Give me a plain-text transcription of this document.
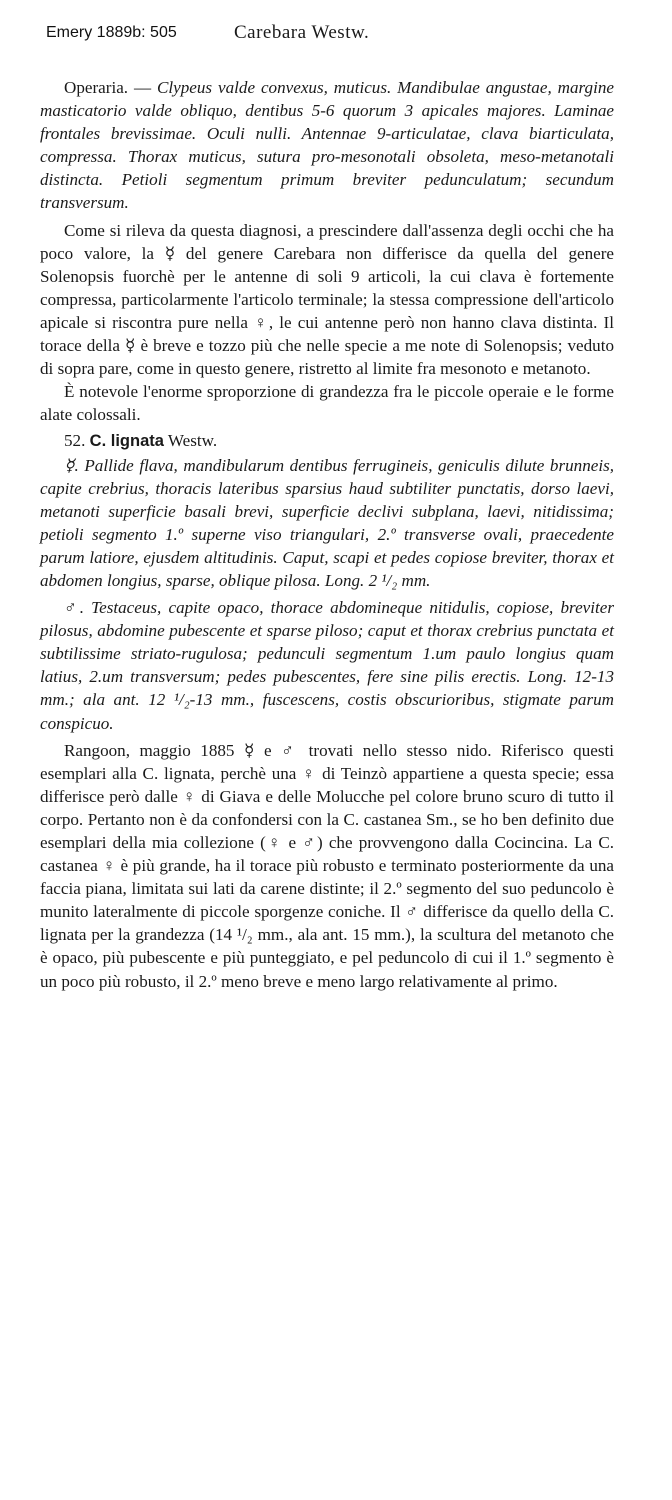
Emery 1889b: 505	Carebara Westw.

Operaria. — Clypeus valde convexus, muticus. Mandibulae angustae, margine masticatorio valde obliquo, dentibus 5-6 quorum 3 apicales majores. Laminae frontales brevissimae. Oculi nulli. Antennae 9-articulatae, clava biarticulata, compressa. Thorax muticus, sutura pro-mesonotali obsoleta, meso-metanotali distincta. Petioli segmentum primum breviter pedunculatum; secundum transversum.

Come si rileva da questa diagnosi, a prescindere dall'assenza degli occhi che ha poco valore, la ☿ del genere Carebara non differisce da quella del genere Solenopsis fuorchè per le antenne di soli 9 articoli, la cui clava è fortemente compressa, particolarmente l'articolo terminale; la stessa compressione dell'articolo apicale si riscontra pure nella ♀, le cui antenne però non hanno clava distinta. Il torace della ☿ è breve e tozzo più che nelle specie a me note di Solenopsis; veduto di sopra pare, come in questo genere, ristretto al limite fra mesonoto e metanoto.

È notevole l'enorme sproporzione di grandezza fra le piccole operaie e le forme alate colossali.

52. C. lignata Westw.

☿. Pallide flava, mandibularum dentibus ferrugineis, geniculis dilute brunneis, capite crebrius, thoracis lateribus sparsius haud subtiliter punctatis, dorso laevi, metanoti superficie basali brevi, superficie declivi subplana, laevi, nitidissima; petioli segmento 1.º superne viso triangulari, 2.º transverse ovali, praecedente parum latiore, ejusdem altitudinis. Caput, scapi et pedes copiose breviter, thorax et abdomen longius, sparse, oblique pilosa. Long. 2 ¹/₂ mm.

♂. Testaceus, capite opaco, thorace abdomineque nitidulis, copiose, breviter pilosus, abdomine pubescente et sparse piloso; caput et thorax crebrius punctata et subtilissime striato-rugulosa; pedunculi segmentum 1.um paulo longius quam latius, 2.um transversum; pedes pubescentes, fere sine pilis erectis. Long. 12-13 mm.; ala ant. 12 ¹/₂-13 mm., fuscescens, costis obscurioribus, stigmate parum conspicuo.

Rangoon, maggio 1885 ☿ e ♂ trovati nello stesso nido. Riferisco questi esemplari alla C. lignata, perchè una ♀ di Teinzò appartiene a questa specie; essa differisce però dalle ♀ di Giava e delle Molucche pel colore bruno scuro di tutto il corpo. Pertanto non è da confondersi con la C. castanea Sm., se ho ben definito due esemplari della mia collezione (♀ e ♂) che provvengono dalla Cocincina. La C. castanea ♀ è più grande, ha il torace più robusto e terminato posteriormente da una faccia piana, limitata sui lati da carene distinte; il 2.º segmento del suo peduncolo è munito lateralmente di piccole sporgenze coniche. Il ♂ differisce da quello della C. lignata per la grandezza (14 ¹/₂ mm., ala ant. 15 mm.), la scultura del metanoto che è opaco, più pubescente e più punteggiato, e pel peduncolo di cui il 1.º segmento è un poco più robusto, il 2.º meno breve e meno largo relativamente al primo.
